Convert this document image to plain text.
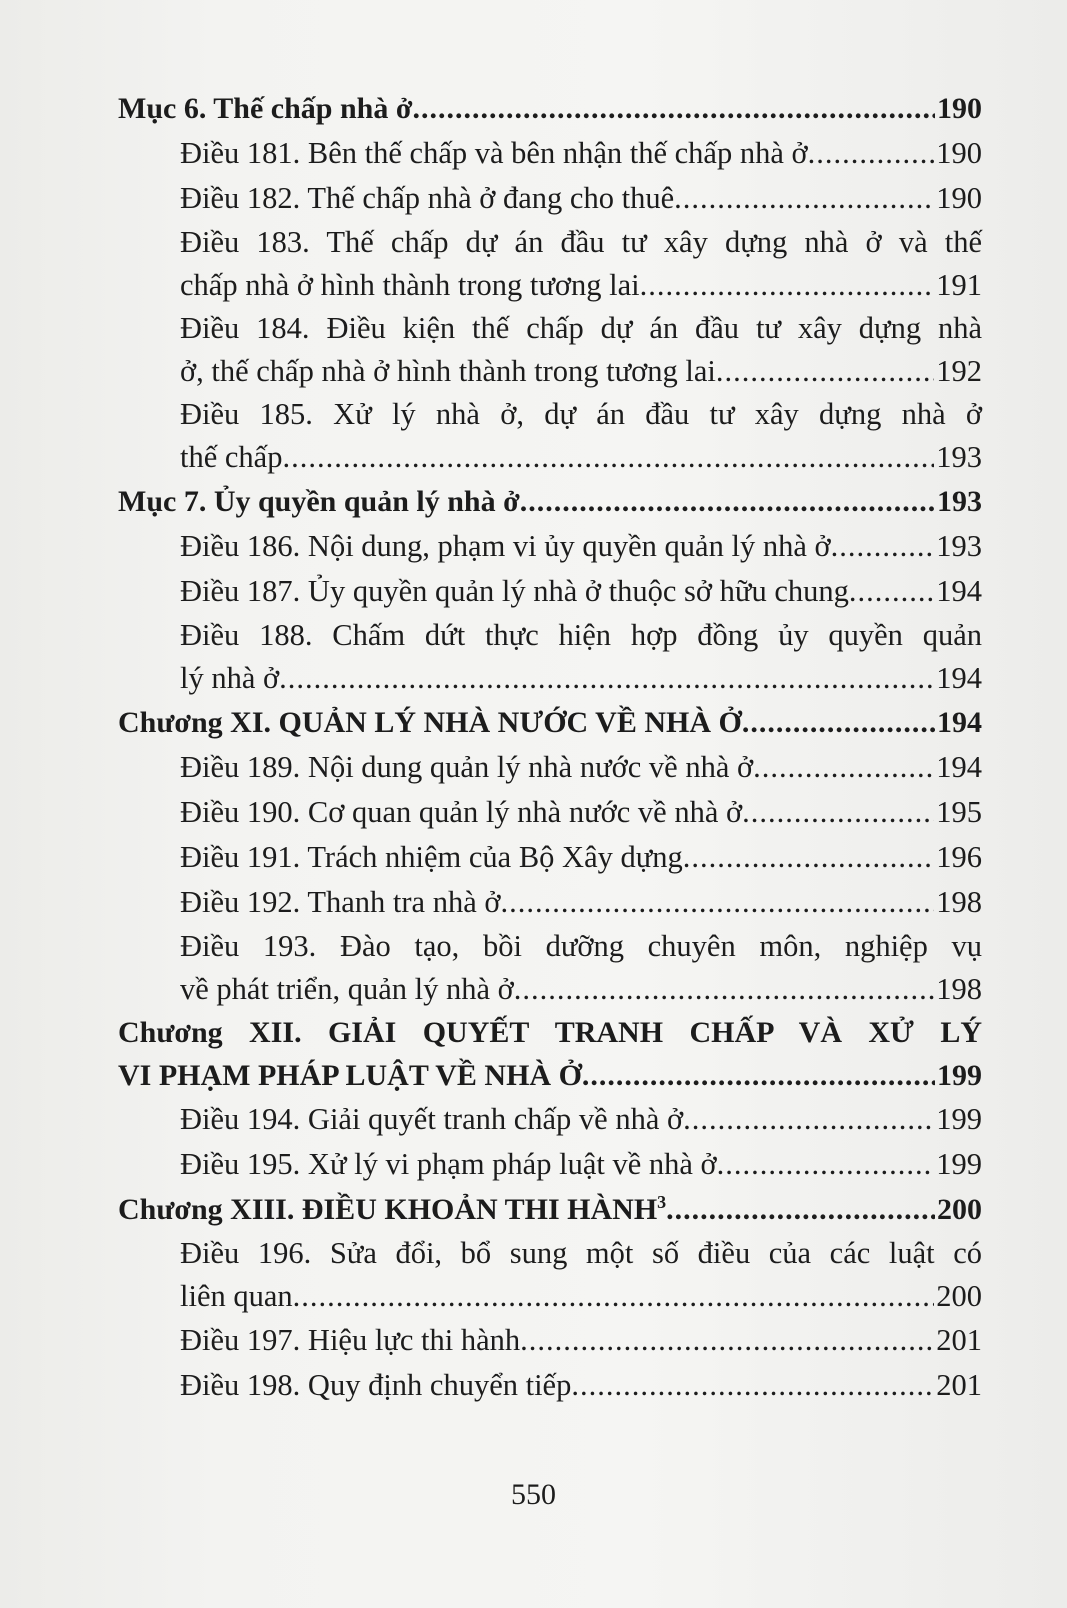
Mục 6. Thế chấp nhà ở .....	190
Điều 181. Bên thế chấp và bên nhận thế chấp nhà ở .....	190
Điều 182. Thế chấp nhà ở đang cho thuê .....	190
Điều 183. Thế chấp dự án đầu tư xây dựng nhà ở và thế
chấp nhà ở hình thành trong tương lai .....	191
Điều 184. Điều kiện thế chấp dự án đầu tư xây dựng nhà
ở, thế chấp nhà ở hình thành trong tương lai .....	192
Điều 185. Xử lý nhà ở, dự án đầu tư xây dựng nhà ở
thế chấp .....	193
Mục 7. Ủy quyền quản lý nhà ở .....	193
Điều 186. Nội dung, phạm vi ủy quyền quản lý nhà ở .....	193
Điều 187. Ủy quyền quản lý nhà ở thuộc sở hữu chung .....	194
Điều 188. Chấm dứt thực hiện hợp đồng ủy quyền quản
lý nhà ở .....	194
Chương XI. QUẢN LÝ NHÀ NƯỚC VỀ NHÀ Ở .....	194
Điều 189. Nội dung quản lý nhà nước về nhà ở .....	194
Điều 190. Cơ quan quản lý nhà nước về nhà ở .....	195
Điều 191. Trách nhiệm của Bộ Xây dựng .....	196
Điều 192. Thanh tra nhà ở .....	198
Điều 193. Đào tạo, bồi dưỡng chuyên môn, nghiệp vụ
về phát triển, quản lý nhà ở .....	198
Chương XII. GIẢI QUYẾT TRANH CHẤP VÀ XỬ LÝ
VI PHẠM PHÁP LUẬT VỀ NHÀ Ở .....	199
Điều 194. Giải quyết tranh chấp về nhà ở .....	199
Điều 195. Xử lý vi phạm pháp luật về nhà ở .....	199
Chương XIII. ĐIỀU KHOẢN THI HÀNH$^3$ .....	200
Điều 196. Sửa đổi, bổ sung một số điều của các luật có
liên quan .....	200
Điều 197. Hiệu lực thi hành .....	201
Điều 198. Quy định chuyển tiếp .....	201
550
